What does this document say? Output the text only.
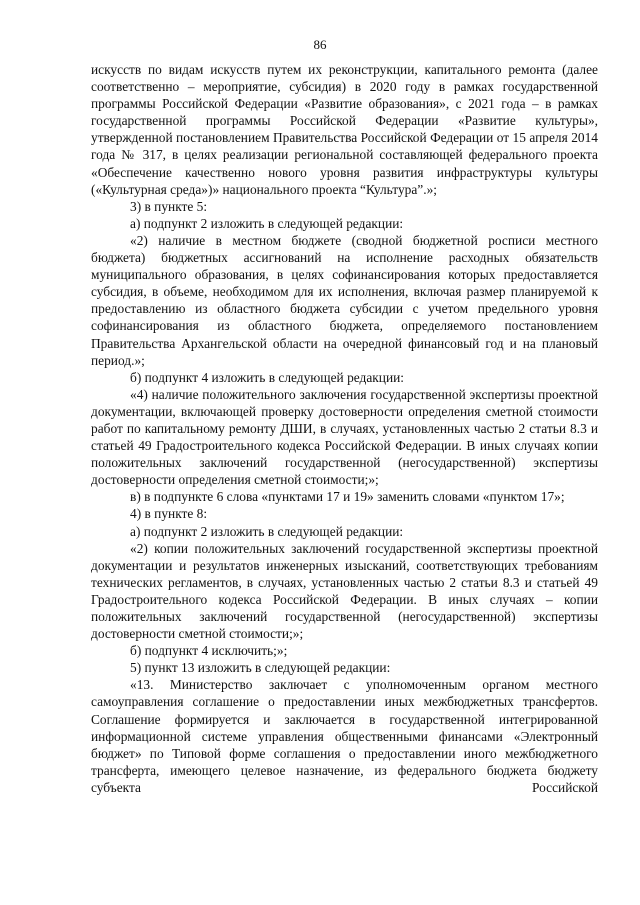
86

искусств по видам искусств путем их реконструкции, капитального ремонта (далее соответственно – мероприятие, субсидия) в 2020 году в рамках государственной программы Российской Федерации «Развитие образования», с 2021 года – в рамках государственной программы Российской Федерации «Развитие культуры», утвержденной постановлением Правительства Российской Федерации от 15 апреля 2014 года № 317, в целях реализации региональной составляющей федерального проекта «Обеспечение качественно нового уровня развития инфраструктуры культуры («Культурная среда»)» национального проекта “Культура”.»;

3) в пункте 5:

а) подпункт 2 изложить в следующей редакции:

«2) наличие в местном бюджете (сводной бюджетной росписи местного бюджета) бюджетных ассигнований на исполнение расходных обязательств муниципального образования, в целях софинансирования которых предоставляется субсидия, в объеме, необходимом для их исполнения, включая размер планируемой к предоставлению из областного бюджета субсидии с учетом предельного уровня софинансирования из областного бюджета, определяемого постановлением Правительства Архангельской области на очередной финансовый год и на плановый период.»;

б) подпункт 4 изложить в следующей редакции:

«4) наличие положительного заключения государственной экспертизы проектной документации, включающей проверку достоверности определения сметной стоимости работ по капитальному ремонту ДШИ, в случаях, установленных частью 2 статьи 8.3 и статьей 49 Градостроительного кодекса Российской Федерации. В иных случаях копии положительных заключений государственной (негосударственной) экспертизы достоверности определения сметной стоимости;»;

в) в подпункте 6 слова «пунктами 17 и 19» заменить словами «пунктом 17»;

4) в пункте 8:

а) подпункт 2 изложить в следующей редакции:

«2) копии положительных заключений государственной экспертизы проектной документации и результатов инженерных изысканий, соответствующих требованиям технических регламентов, в случаях, установленных частью 2 статьи 8.3 и статьей 49 Градостроительного кодекса Российской Федерации. В иных случаях – копии положительных заключений государственной (негосударственной) экспертизы достоверности сметной стоимости;»;

б) подпункт 4 исключить;»;

5) пункт 13 изложить в следующей редакции:

«13. Министерство заключает с уполномоченным органом местного самоуправления соглашение о предоставлении иных межбюджетных трансфертов. Соглашение формируется и заключается в государственной интегрированной информационной системе управления общественными финансами «Электронный бюджет» по Типовой форме соглашения о предоставлении иного межбюджетного трансферта, имеющего целевое назначение, из федерального бюджета бюджету субъекта Российской
